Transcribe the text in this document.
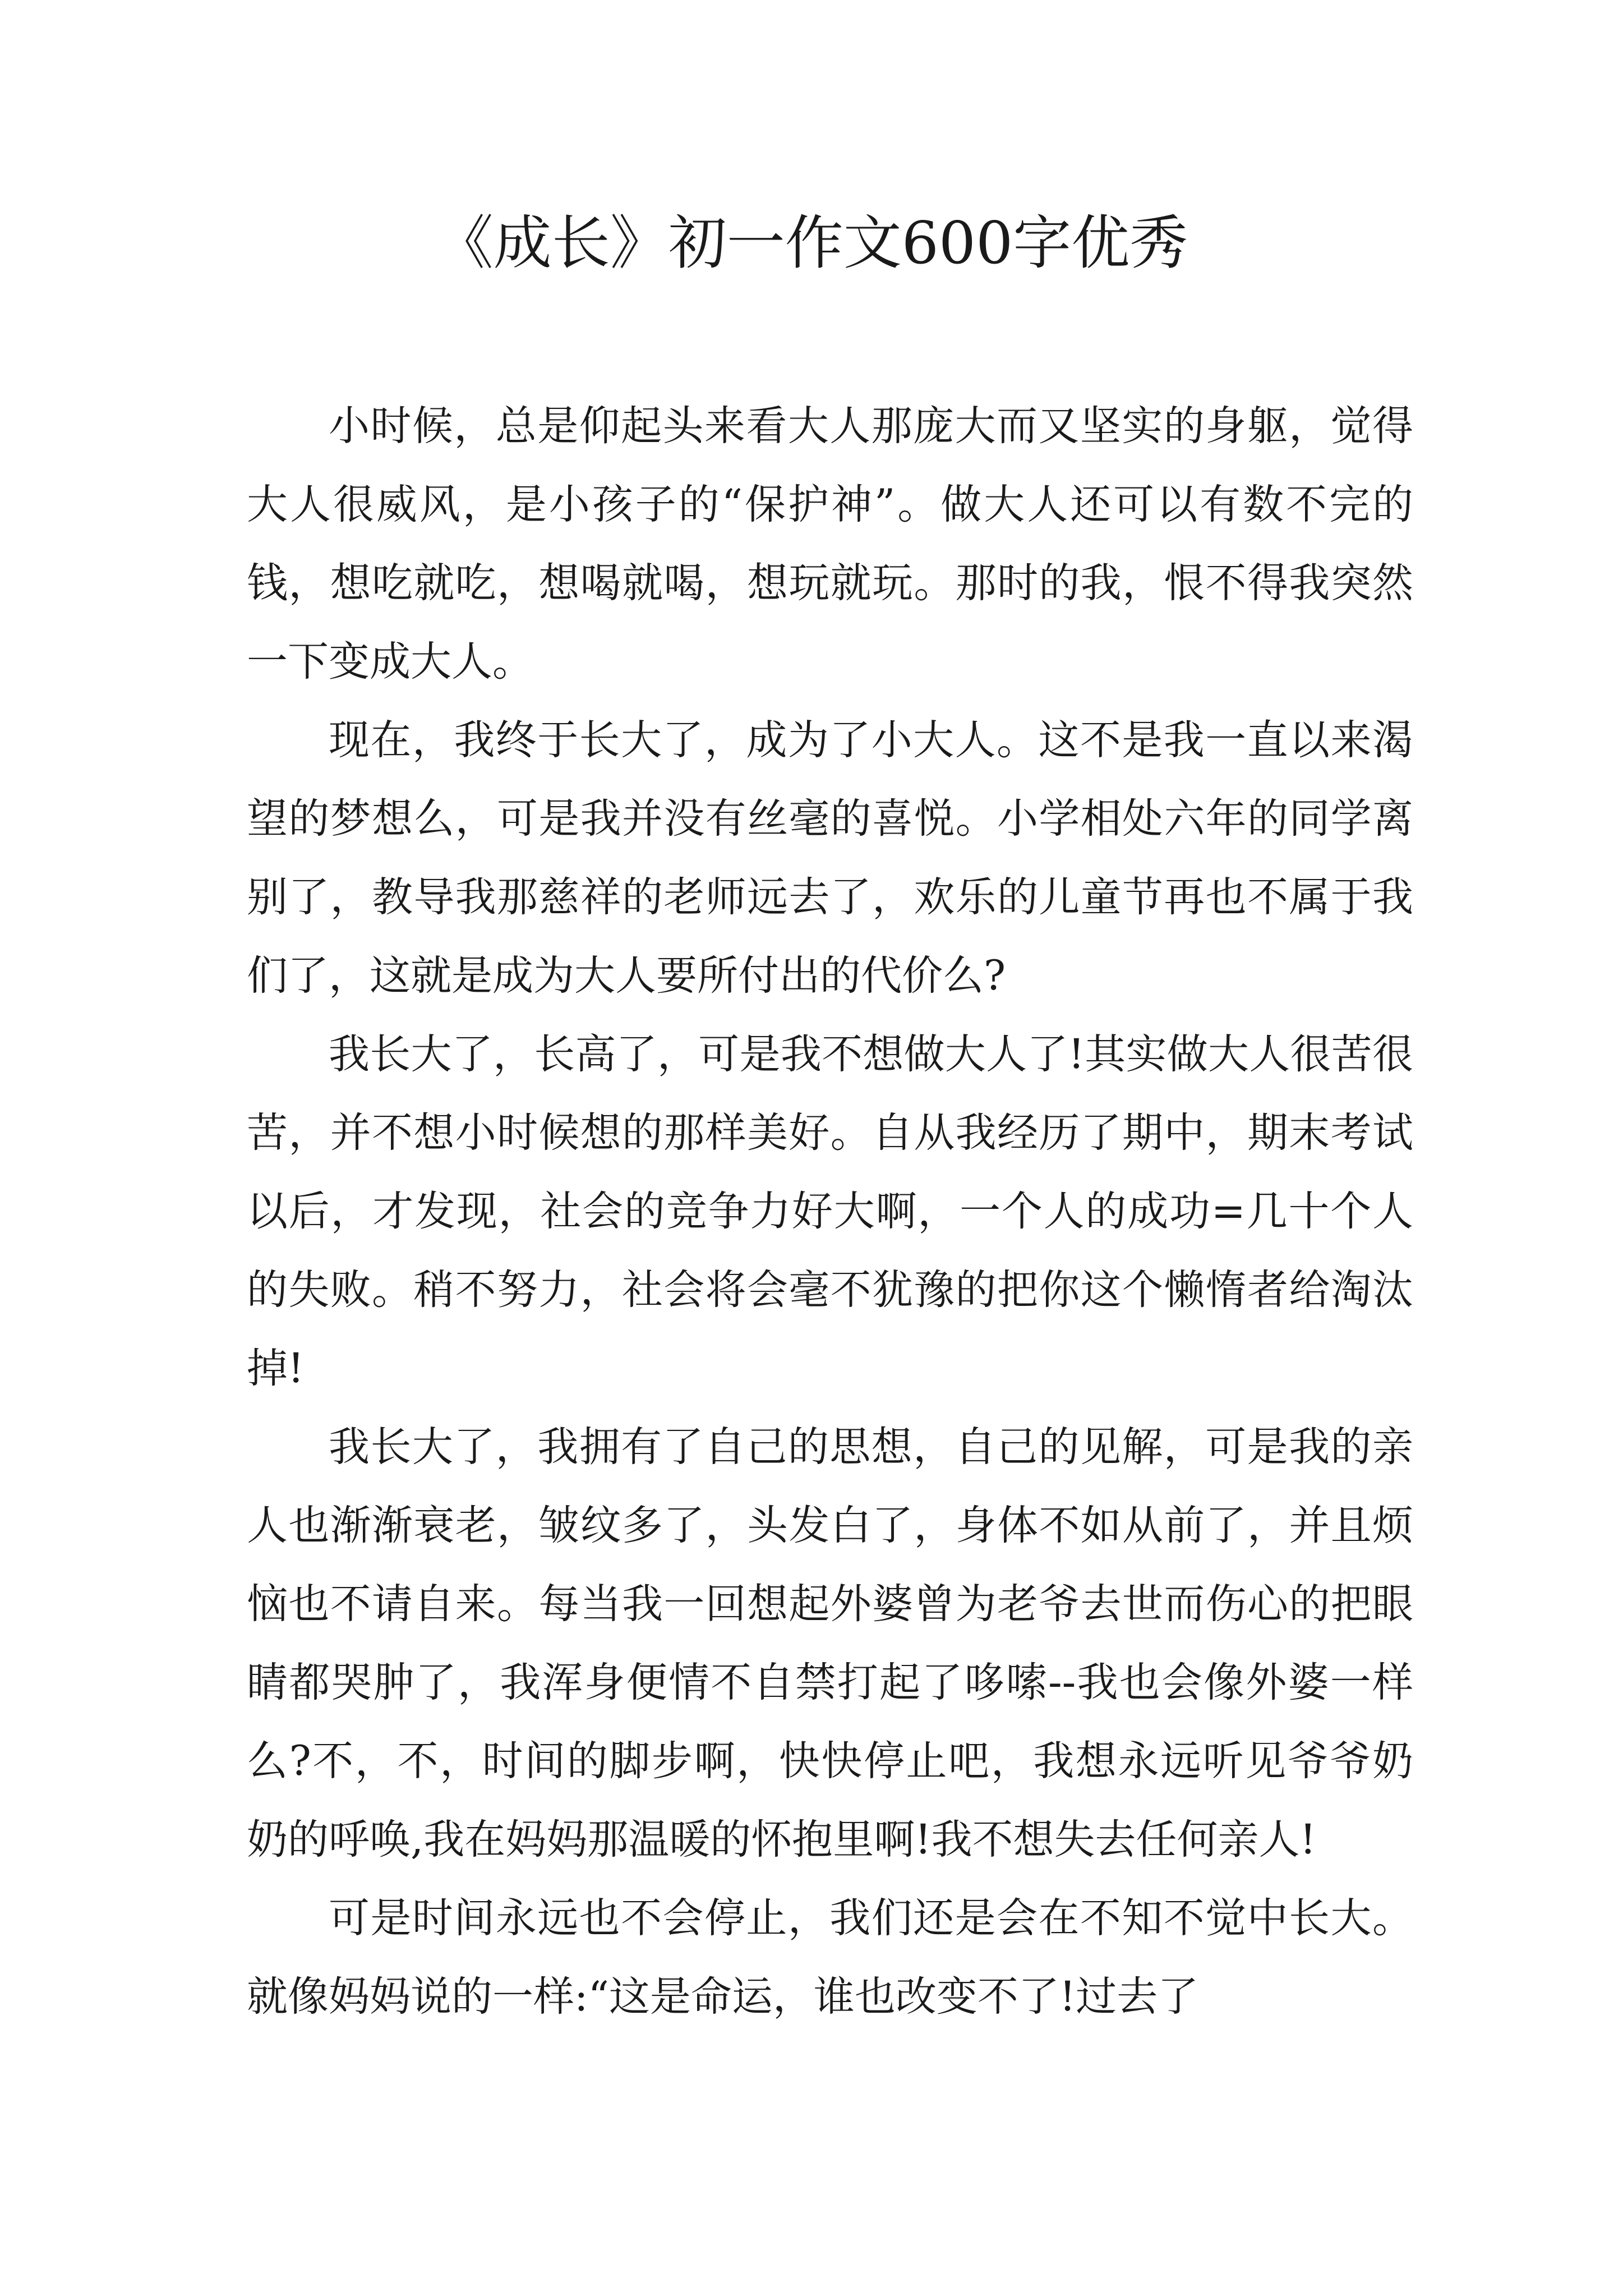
《成长》初一作文600字优秀

小时候，总是仰起头来看大人那庞大而又坚实的身躯，觉得大人很威风，是小孩子的“保护神”。做大人还可以有数不完的钱，想吃就吃，想喝就喝，想玩就玩。那时的我，恨不得我突然一下变成大人。

现在，我终于长大了，成为了小大人。这不是我一直以来渴望的梦想么，可是我并没有丝毫的喜悦。小学相处六年的同学离别了，教导我那慈祥的老师远去了，欢乐的儿童节再也不属于我们了，这就是成为大人要所付出的代价么?

我长大了，长高了，可是我不想做大人了!其实做大人很苦很苦，并不想小时候想的那样美好。自从我经历了期中，期末考试以后，才发现，社会的竞争力好大啊，一个人的成功=几十个人的失败。稍不努力，社会将会毫不犹豫的把你这个懒惰者给淘汰掉!

我长大了，我拥有了自己的思想，自己的见解，可是我的亲人也渐渐衰老，皱纹多了，头发白了，身体不如从前了，并且烦恼也不请自来。每当我一回想起外婆曾为老爷去世而伤心的把眼睛都哭肿了，我浑身便情不自禁打起了哆嗦--我也会像外婆一样么?不，不，时间的脚步啊，快快停止吧，我想永远听见爷爷奶奶的呼唤,我在妈妈那温暖的怀抱里啊!我不想失去任何亲人!

可是时间永远也不会停止，我们还是会在不知不觉中长大。就像妈妈说的一样:“这是命运，谁也改变不了!过去了
